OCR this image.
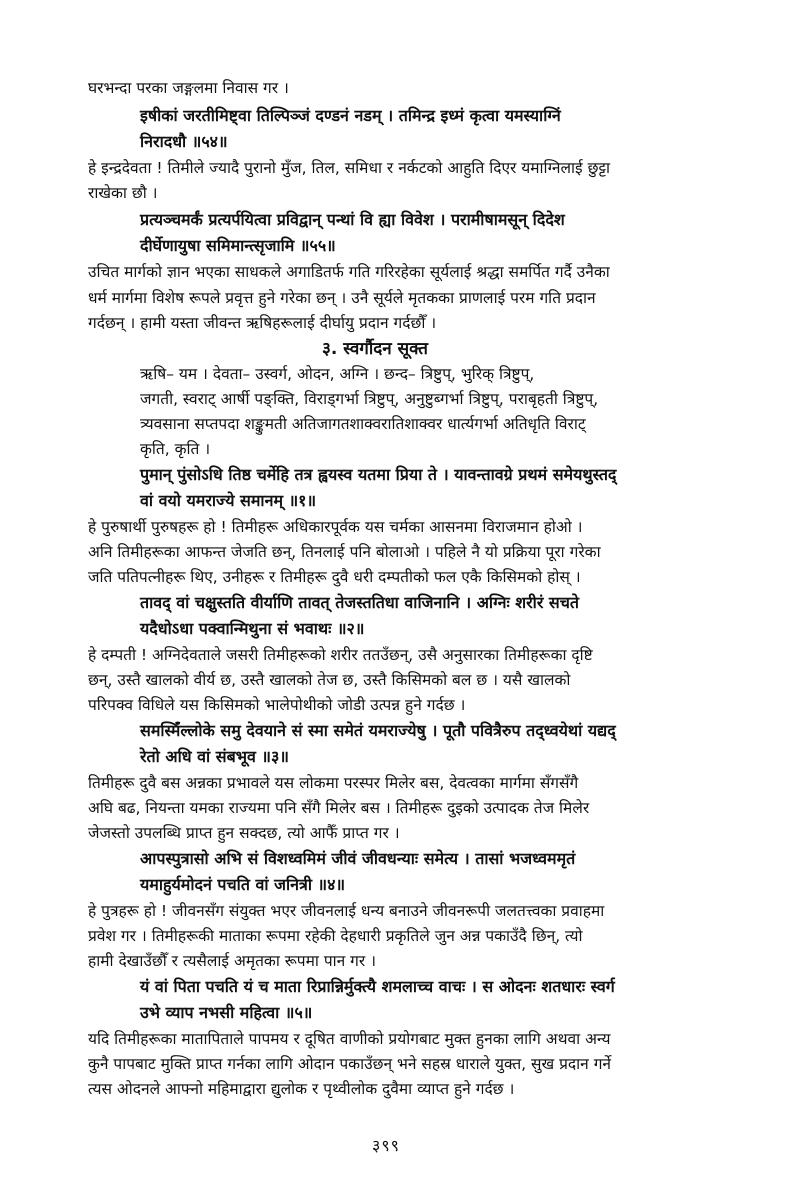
घरभन्दा परका जङ्गलमा निवास गर ।
इषीकां जरतीमिष्ट्वा तिल्पिञ्जं दण्डनं नडम् । तमिन्द्र इध्मं कृत्वा यमस्याग्निं
निरादधौ ॥५४॥
हे इन्द्रदेवता ! तिमीले ज्यादै पुरानो मुँज, तिल, समिधा र नर्कटको आहुति दिएर यमाग्निलाई छुट्टा
राखेका छौ ।
प्रत्यञ्चमर्कं प्रत्यर्पयित्वा प्रविद्वान् पन्थां वि ह्या विवेश । परामीषामसून् दिदेश
दीर्घेणायुषा समिमान्त्सृजामि ॥५५॥
उचित मार्गको ज्ञान भएका साधकले अगाडितर्फ गति गरिरहेका सूर्यलाई श्रद्धा समर्पित गर्दै उनैका
धर्म मार्गमा विशेष रूपले प्रवृत्त हुने गरेका छन् । उनै सूर्यले मृतकका प्राणलाई परम गति प्रदान
गर्दछन् । हामी यस्ता जीवन्त ऋषिहरूलाई दीर्घायु प्रदान गर्दछौँ ।
३. स्वर्गौदन सूक्त
ऋषि– यम । देवता– उस्वर्ग, ओदन, अग्नि । छन्द– त्रिष्टुप्, भुरिक् त्रिष्टुप्,
जगती, स्वराट् आर्षी पङ्क्ति, विराड्गर्भा त्रिष्टुप्, अनुष्टुब्गर्भा त्रिष्टुप्, पराबृहती त्रिष्टुप्,
त्र्यवसाना सप्तपदा शङ्कुमती अतिजागतशाक्वरातिशाक्वर धार्त्यगर्भा अतिधृति विराट्
कृति, कृति ।
पुमान् पुंसोऽधि तिष्ठ चर्मेहि तत्र ह्वयस्व यतमा प्रिया ते । यावन्तावग्रे प्रथमं समेयथुस्तद्
वां वयो यमराज्ये समानम् ॥१॥
हे पुरुषार्थी पुरुषहरू हो ! तिमीहरू अधिकारपूर्वक यस चर्मका आसनमा विराजमान होओ ।
अनि तिमीहरूका आफन्त जेजति छन्, तिनलाई पनि बोलाओ । पहिले नै यो प्रक्रिया पूरा गरेका
जति पतिपत्नीहरू थिए, उनीहरू र तिमीहरू दुवै धरी दम्पतीको फल एकै किसिमको होस् ।
तावद् वां चक्षुस्तति वीर्याणि तावत् तेजस्ततिधा वाजिनानि । अग्निः शरीरं सचते
यदैधोऽधा पक्वान्मिथुना सं भवाथः ॥२॥
हे दम्पती ! अग्निदेवताले जसरी तिमीहरूको शरीर ततउँछन्, उसै अनुसारका तिमीहरूका दृष्टि
छन्, उस्तै खालको वीर्य छ, उस्तै खालको तेज छ, उस्तै किसिमको बल छ । यसै खालको
परिपक्व विधिले यस किसिमको भालेपोथीको जोडी उत्पन्न हुने गर्दछ ।
समस्मिँल्लोके समु देवयाने सं स्मा समेतं यमराज्येषु । पूतौ पवित्रैरुप तद्ध्वयेथां यद्यद्
रेतो अधि वां संबभूव ॥३॥
तिमीहरू दुवै बस अन्नका प्रभावले यस लोकमा परस्पर मिलेर बस, देवत्वका मार्गमा सँगसँगै
अघि बढ, नियन्ता यमका राज्यमा पनि सँगै मिलेर बस । तिमीहरू दुइको उत्पादक तेज मिलेर
जेजस्तो उपलब्धि प्राप्त हुन सक्दछ, त्यो आफैँ प्राप्त गर ।
आपस्पुत्रासो अभि सं विशध्वमिमं जीवं जीवधन्याः समेत्य । तासां भजध्वममृतं
यमाहुर्यमोदनं पचति वां जनित्री ॥४॥
हे पुत्रहरू हो ! जीवनसँग संयुक्त भएर जीवनलाई धन्य बनाउने जीवनरूपी जलतत्त्वका प्रवाहमा
प्रवेश गर । तिमीहरूकी माताका रूपमा रहेकी देहधारी प्रकृतिले जुन अन्न पकाउँदै छिन्, त्यो
हामी देखाउँछौँ र त्यसैलाई अमृतका रूपमा पान गर ।
यं वां पिता पचति यं च माता रिप्रान्निर्मुक्त्यै शमलाच्च वाचः । स ओदनः शतधारः स्वर्ग
उभे व्याप नभसी महित्वा ॥५॥
यदि तिमीहरूका मातापिताले पापमय र दूषित वाणीको प्रयोगबाट मुक्त हुनका लागि अथवा अन्य
कुनै पापबाट मुक्ति प्राप्त गर्नका लागि ओदान पकाउँछन् भने सहस्र धाराले युक्त, सुख प्रदान गर्ने
त्यस ओदनले आफ्नो महिमाद्वारा द्युलोक र पृथ्वीलोक दुवैमा व्याप्त हुने गर्दछ ।
३९९
